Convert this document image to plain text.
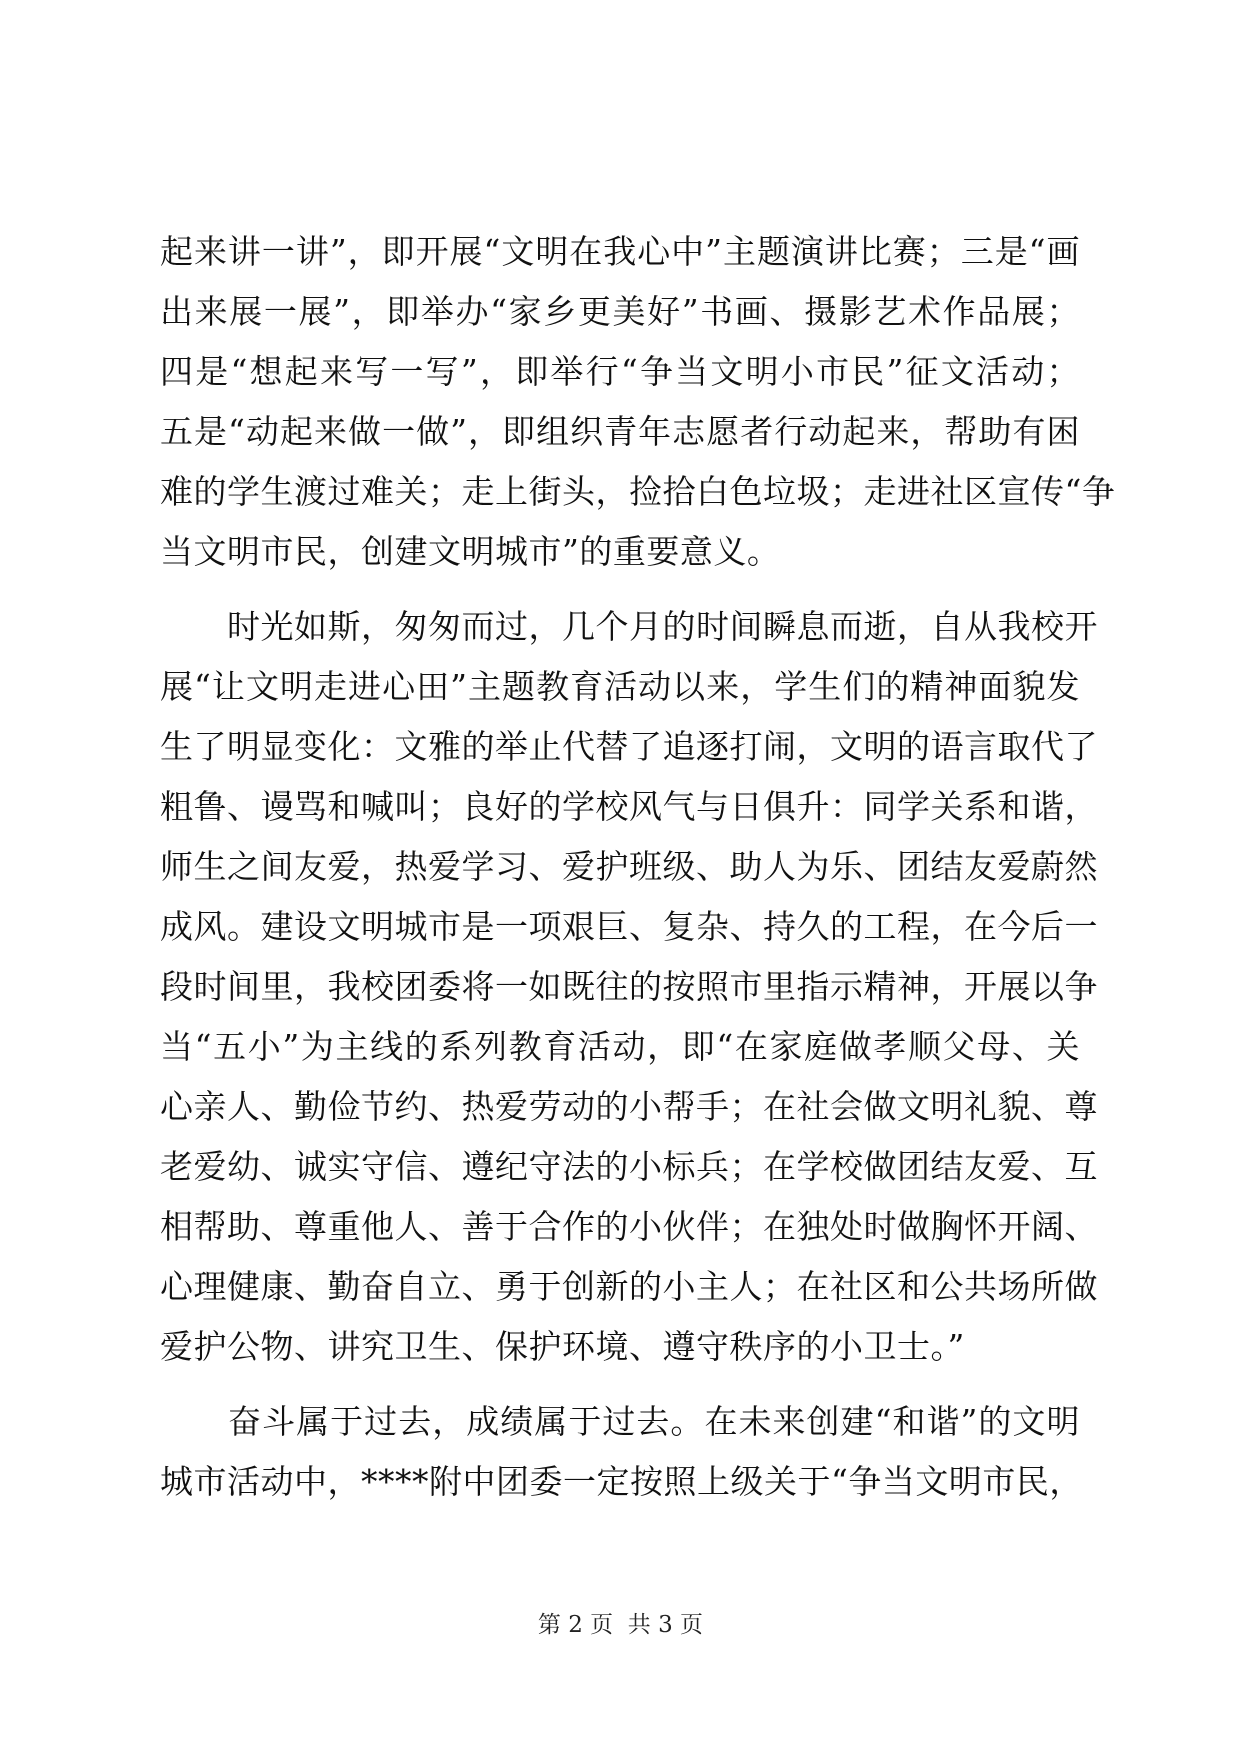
起来讲一讲”，即开展“文明在我心中”主题演讲比赛；三是“画
出来展一展”，即举办“家乡更美好”书画、摄影艺术作品展；
四是“想起来写一写”，即举行“争当文明小市民”征文活动；
五是“动起来做一做”，即组织青年志愿者行动起来，帮助有困
难的学生渡过难关；走上街头，捡拾白色垃圾；走进社区宣传“争
当文明市民，创建文明城市”的重要意义。
　　时光如斯，匆匆而过，几个月的时间瞬息而逝，自从我校开
展“让文明走进心田”主题教育活动以来，学生们的精神面貌发
生了明显变化：文雅的举止代替了追逐打闹，文明的语言取代了
粗鲁、谩骂和喊叫；良好的学校风气与日俱升：同学关系和谐，
师生之间友爱，热爱学习、爱护班级、助人为乐、团结友爱蔚然
成风。建设文明城市是一项艰巨、复杂、持久的工程，在今后一
段时间里，我校团委将一如既往的按照市里指示精神，开展以争
当“五小”为主线的系列教育活动，即“在家庭做孝顺父母、关
心亲人、勤俭节约、热爱劳动的小帮手；在社会做文明礼貌、尊
老爱幼、诚实守信、遵纪守法的小标兵；在学校做团结友爱、互
相帮助、尊重他人、善于合作的小伙伴；在独处时做胸怀开阔、
心理健康、勤奋自立、勇于创新的小主人；在社区和公共场所做
爱护公物、讲究卫生、保护环境、遵守秩序的小卫士。”
　　奋斗属于过去，成绩属于过去。在未来创建“和谐”的文明
城市活动中，****附中团委一定按照上级关于“争当文明市民，
第 2 页  共 3 页
